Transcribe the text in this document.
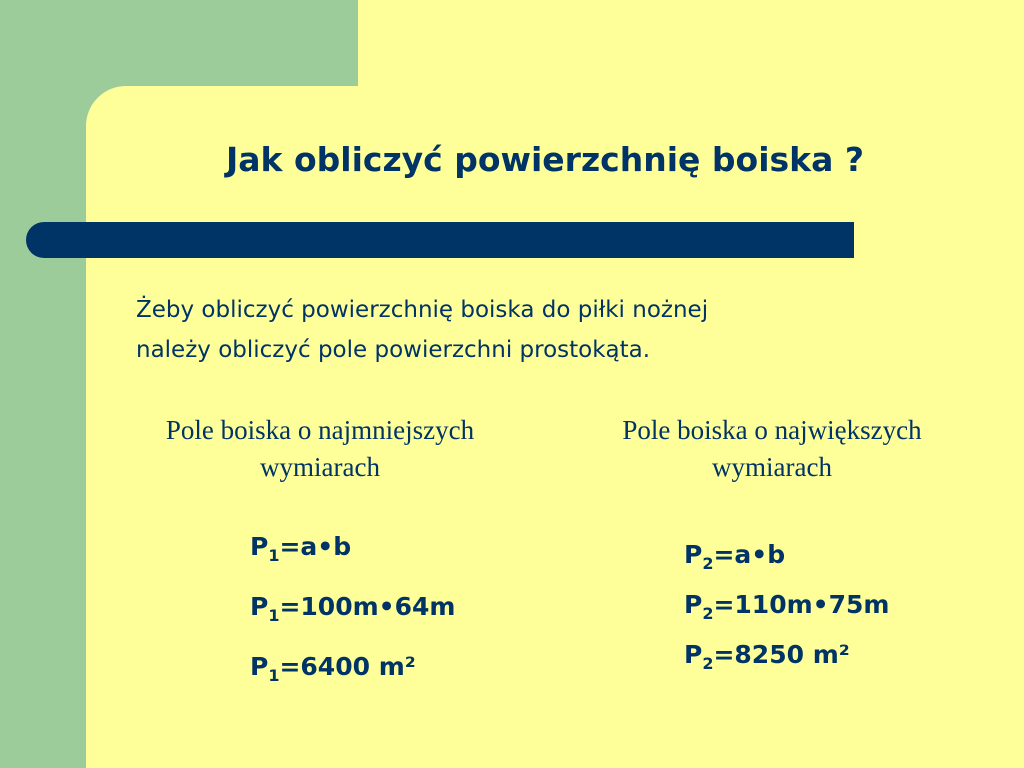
Jak obliczyć powierzchnię boiska ?
Żeby obliczyć powierzchnię boiska do piłki nożnej
należy obliczyć pole powierzchni prostokąta.
Pole boiska o najmniejszych
wymiarach
Pole boiska o największych
wymiarach
$P_1=a•b$
$P_1=100m•64m$
$P_1=6400$ m²
$P_2=a•b$
$P_2=110m•75m$
$P_2=8250$ m²
